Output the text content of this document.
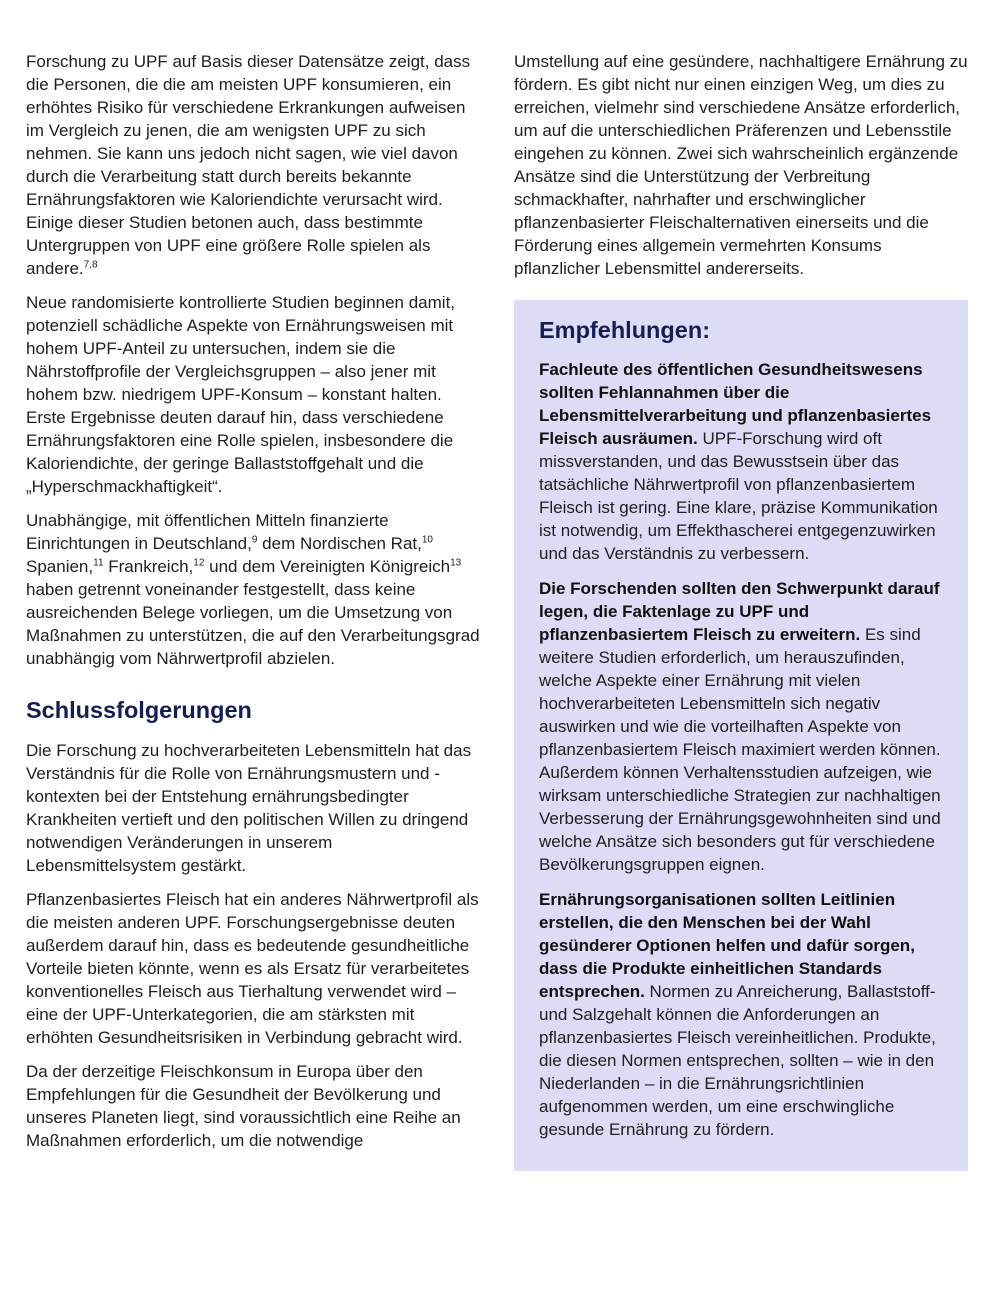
Forschung zu UPF auf Basis dieser Datensätze zeigt, dass die Personen, die die am meisten UPF konsumieren, ein erhöhtes Risiko für verschiedene Erkrankungen aufweisen im Vergleich zu jenen, die am wenigsten UPF zu sich nehmen. Sie kann uns jedoch nicht sagen, wie viel davon durch die Verarbeitung statt durch bereits bekannte Ernährungsfaktoren wie Kaloriendichte verursacht wird. Einige dieser Studien betonen auch, dass bestimmte Untergruppen von UPF eine größere Rolle spielen als andere.$^{7,8}$

Neue randomisierte kontrollierte Studien beginnen damit, potenziell schädliche Aspekte von Ernährungsweisen mit hohem UPF-Anteil zu untersuchen, indem sie die Nährstoffprofile der Vergleichsgruppen – also jener mit hohem bzw. niedrigem UPF-Konsum – konstant halten. Erste Ergebnisse deuten darauf hin, dass verschiedene Ernährungsfaktoren eine Rolle spielen, insbesondere die Kaloriendichte, der geringe Ballaststoffgehalt und die „Hyperschmackhaftigkeit“.

Unabhängige, mit öffentlichen Mitteln finanzierte Einrichtungen in Deutschland,$^9$ dem Nordischen Rat,$^{10}$ Spanien,$^{11}$ Frankreich,$^{12}$ und dem Vereinigten Königreich$^{13}$ haben getrennt voneinander festgestellt, dass keine ausreichenden Belege vorliegen, um die Umsetzung von Maßnahmen zu unterstützen, die auf den Verarbeitungsgrad unabhängig vom Nährwertprofil abzielen.

Schlussfolgerungen

Die Forschung zu hochverarbeiteten Lebensmitteln hat das Verständnis für die Rolle von Ernährungsmustern und -kontexten bei der Entstehung ernährungsbedingter Krankheiten vertieft und den politischen Willen zu dringend notwendigen Veränderungen in unserem Lebensmittelsystem gestärkt.

Pflanzenbasiertes Fleisch hat ein anderes Nährwertprofil als die meisten anderen UPF. Forschungsergebnisse deuten außerdem darauf hin, dass es bedeutende gesundheitliche Vorteile bieten könnte, wenn es als Ersatz für verarbeitetes konventionelles Fleisch aus Tierhaltung verwendet wird – eine der UPF-Unterkategorien, die am stärksten mit erhöhten Gesundheitsrisiken in Verbindung gebracht wird.

Da der derzeitige Fleischkonsum in Europa über den Empfehlungen für die Gesundheit der Bevölkerung und unseres Planeten liegt, sind voraussichtlich eine Reihe an Maßnahmen erforderlich, um die notwendige

Umstellung auf eine gesündere, nachhaltigere Ernährung zu fördern. Es gibt nicht nur einen einzigen Weg, um dies zu erreichen, vielmehr sind verschiedene Ansätze erforderlich, um auf die unterschiedlichen Präferenzen und Lebensstile eingehen zu können. Zwei sich wahrscheinlich ergänzende Ansätze sind die Unterstützung der Verbreitung schmackhafter, nahrhafter und erschwinglicher pflanzenbasierter Fleischalternativen einerseits und die Förderung eines allgemein vermehrten Konsums pflanzlicher Lebensmittel andererseits.

Empfehlungen:

Fachleute des öffentlichen Gesundheitswesens sollten Fehlannahmen über die Lebensmittelverarbeitung und pflanzenbasiertes Fleisch ausräumen. UPF-Forschung wird oft missverstanden, und das Bewusstsein über das tatsächliche Nährwertprofil von pflanzenbasiertem Fleisch ist gering. Eine klare, präzise Kommunikation ist notwendig, um Effekthascherei entgegenzuwirken und das Verständnis zu verbessern.

Die Forschenden sollten den Schwerpunkt darauf legen, die Faktenlage zu UPF und pflanzenbasiertem Fleisch zu erweitern. Es sind weitere Studien erforderlich, um herauszufinden, welche Aspekte einer Ernährung mit vielen hochverarbeiteten Lebensmitteln sich negativ auswirken und wie die vorteilhaften Aspekte von pflanzenbasiertem Fleisch maximiert werden können. Außerdem können Verhaltensstudien aufzeigen, wie wirksam unterschiedliche Strategien zur nachhaltigen Verbesserung der Ernährungsgewohnheiten sind und welche Ansätze sich besonders gut für verschiedene Bevölkerungsgruppen eignen.

Ernährungsorganisationen sollten Leitlinien erstellen, die den Menschen bei der Wahl gesünderer Optionen helfen und dafür sorgen, dass die Produkte einheitlichen Standards entsprechen. Normen zu Anreicherung, Ballaststoff- und Salzgehalt können die Anforderungen an pflanzenbasiertes Fleisch vereinheitlichen. Produkte, die diesen Normen entsprechen, sollten – wie in den Niederlanden – in die Ernährungsrichtlinien aufgenommen werden, um eine erschwingliche gesunde Ernährung zu fördern.
